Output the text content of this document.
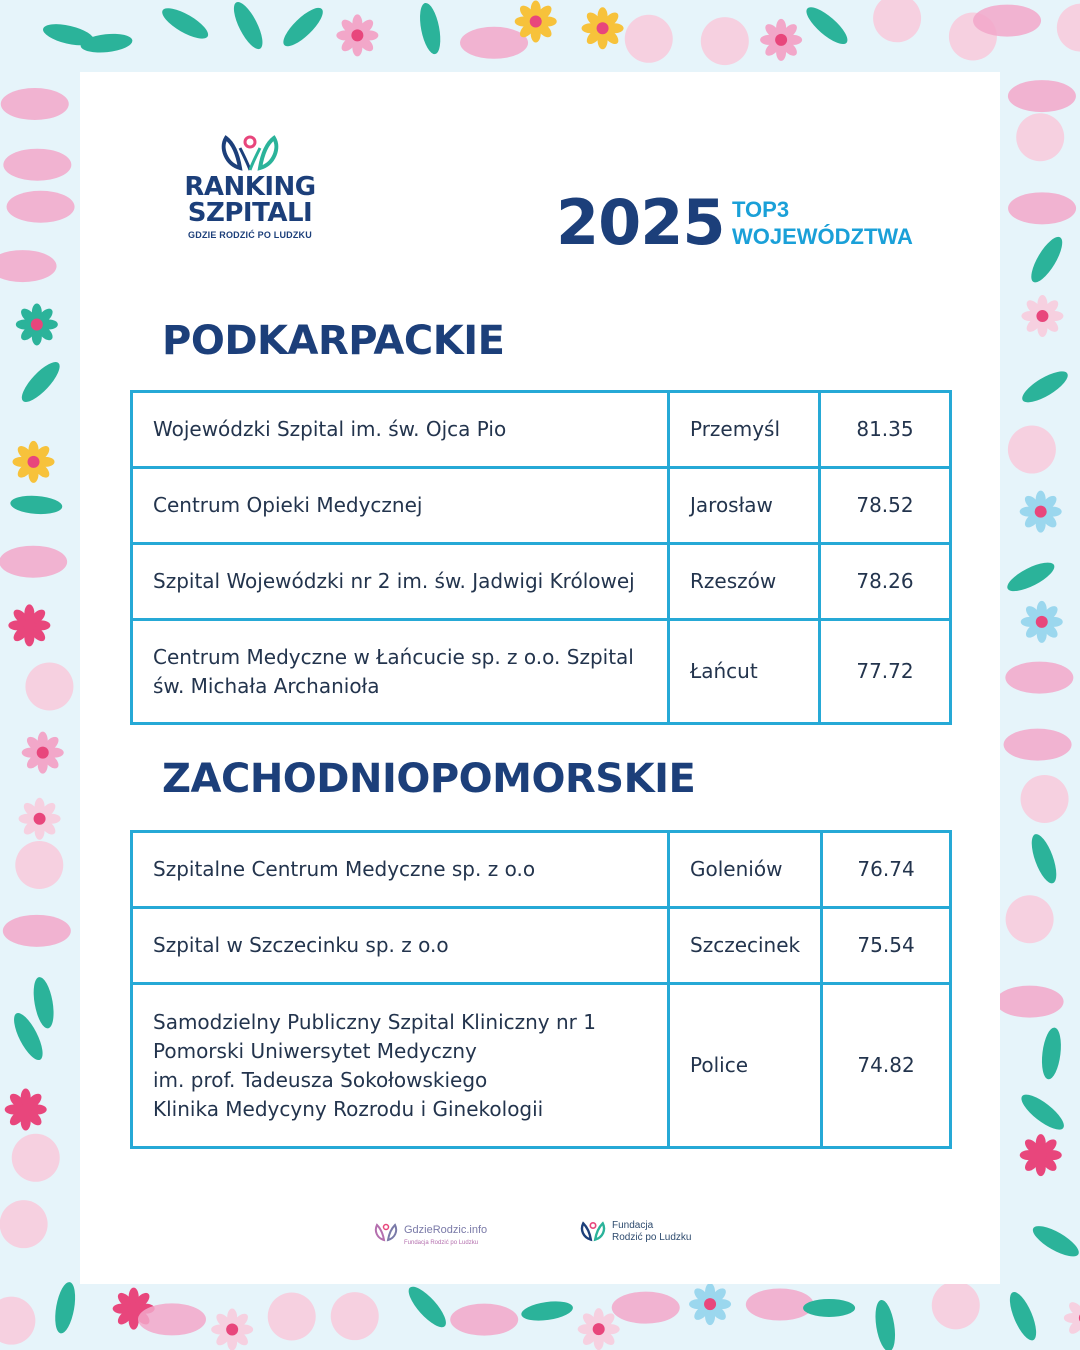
RANKING
SZPITALI
GDZIE RODZIĆ PO LUDZKU	2025 TOP3
WOJEWÓDZTWA
PODKARPACKIE
Wojewódzki Szpital im. św. Ojca Pio	Przemyśl	81.35
Centrum Opieki Medycznej	Jarosław	78.52
Szpital Wojewódzki nr 2 im. św. Jadwigi Królowej	Rzeszów	78.26
Centrum Medyczne w Łańcucie sp. z o.o. Szpital
św. Michała Archanioła	Łańcut	77.72
ZACHODNIOPOMORSKIE
Szpitalne Centrum Medyczne sp. z o.o	Goleniów	76.74
Szpital w Szczecinku sp. z o.o	Szczecinek	75.54
Samodzielny Publiczny Szpital Kliniczny nr 1
Pomorski Uniwersytet Medyczny
im. prof. Tadeusza Sokołowskiego
Klinika Medycyny Rozrodu i Ginekologii	Police	74.82
GdzieRodzic.info
Fundacja Rodzić po Ludzku
Fundacja
Rodzić po Ludzku
